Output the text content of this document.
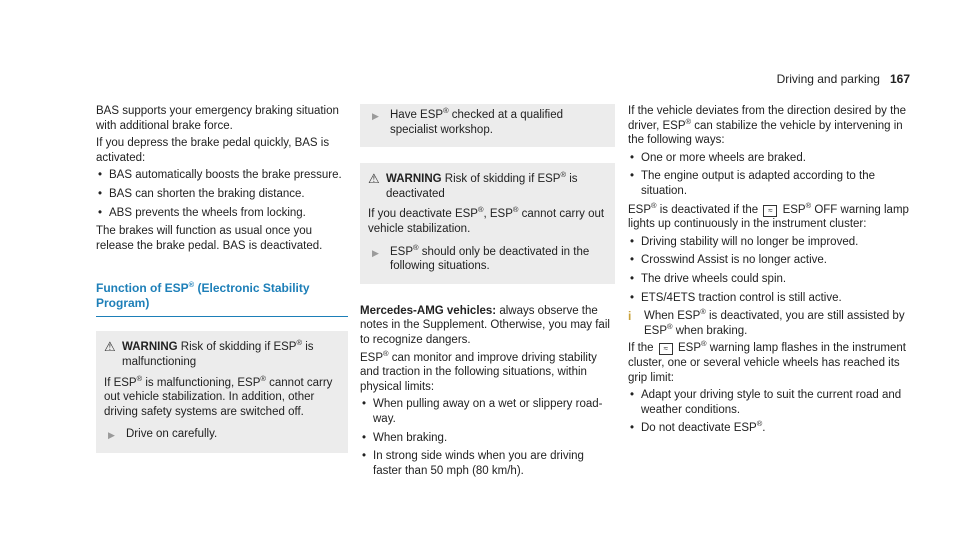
Driving and parking 167

BAS supports your emergency braking situation with additional brake force.

If you depress the brake pedal quickly, BAS is activated:

• BAS automatically boosts the brake pressure.
• BAS can shorten the braking distance.
• ABS prevents the wheels from locking.

The brakes will function as usual once you release the brake pedal. BAS is deactivated.

Function of ESP® (Electronic Stability Program)
⚠ WARNING Risk of skidding if ESP® is malfunctioning

If ESP® is malfunctioning, ESP® cannot carry out vehicle stabilization. In addition, other driving safety systems are switched off.

▶ Drive on carefully.
▶ Have ESP® checked at a qualified specialist workshop.
⚠ WARNING Risk of skidding if ESP® is deactivated

If you deactivate ESP®, ESP® cannot carry out vehicle stabilization.

▶ ESP® should only be deactivated in the following situations.

Mercedes-AMG vehicles: always observe the notes in the Supplement. Otherwise, you may fail to recognize dangers.

ESP® can monitor and improve driving stability and traction in the following situations, within physical limits:

• When pulling away on a wet or slippery road-way.
• When braking.
• In strong side winds when you are driving faster than 50 mph (80 km/h).

If the vehicle deviates from the direction desired by the driver, ESP® can stabilize the vehicle by intervening in the following ways:

• One or more wheels are braked.
• The engine output is adapted according to the situation.

ESP® is deactivated if the ≈ ESP® OFF warning lamp lights up continuously in the instrument cluster:

• Driving stability will no longer be improved.
• Crosswind Assist is no longer active.
• The drive wheels could spin.
• ETS/4ETS traction control is still active.
i	When ESP® is deactivated, you are still assisted by ESP® when braking.

If the ≈ ESP® warning lamp flashes in the instrument cluster, one or several vehicle wheels has reached its grip limit:

• Adapt your driving style to suit the current road and weather conditions.
• Do not deactivate ESP®.
